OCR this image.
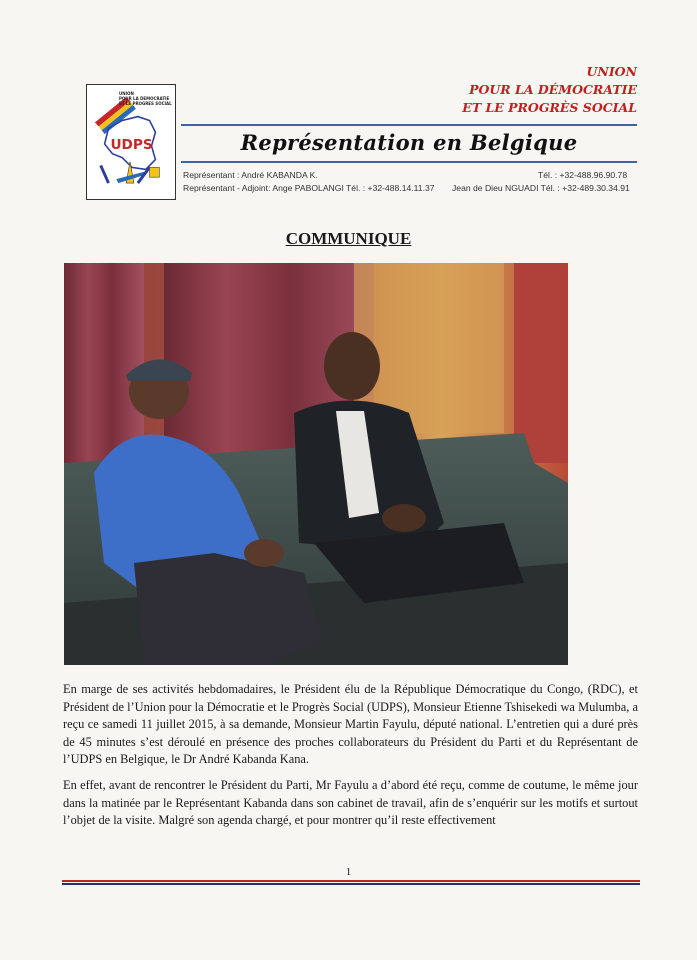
UDPS
UNION
POUR LA DEMOCRATIE
ET LE PROGRES SOCIAL
UNION
POUR LA DÉMOCRATIE
ET LE PROGRÈS SOCIAL
Représentation en Belgique
Représentant : André KABANDA K.	Tél. : +32-488.96.90.78
Représentant - Adjoint: Ange PABOLANGI Tél. : +32-488.14.11.37 Jean de Dieu NGUADI Tél. : +32-489.30.34.91
COMMUNIQUE
En marge de ses activités hebdomadaires, le Président élu de la République Démocratique du Congo, (RDC), et Président de l’Union pour la Démocratie et le Progrès Social (UDPS), Monsieur Etienne Tshisekedi wa Mulumba, a reçu ce samedi 11 juillet 2015, à sa demande, Monsieur Martin Fayulu, député national. L’entretien qui a duré près de 45 minutes s’est déroulé en présence des proches collaborateurs du Président du Parti et du Représentant de l’UDPS en Belgique, le Dr André Kabanda Kana.
En effet, avant de rencontrer le Président du Parti, Mr Fayulu a d’abord été reçu, comme de coutume, le même jour dans la matinée par le Représentant Kabanda dans son cabinet de travail, afin de s’enquérir sur les motifs et surtout l’objet de la visite. Malgré son agenda chargé, et pour montrer qu’il reste effectivement
1
